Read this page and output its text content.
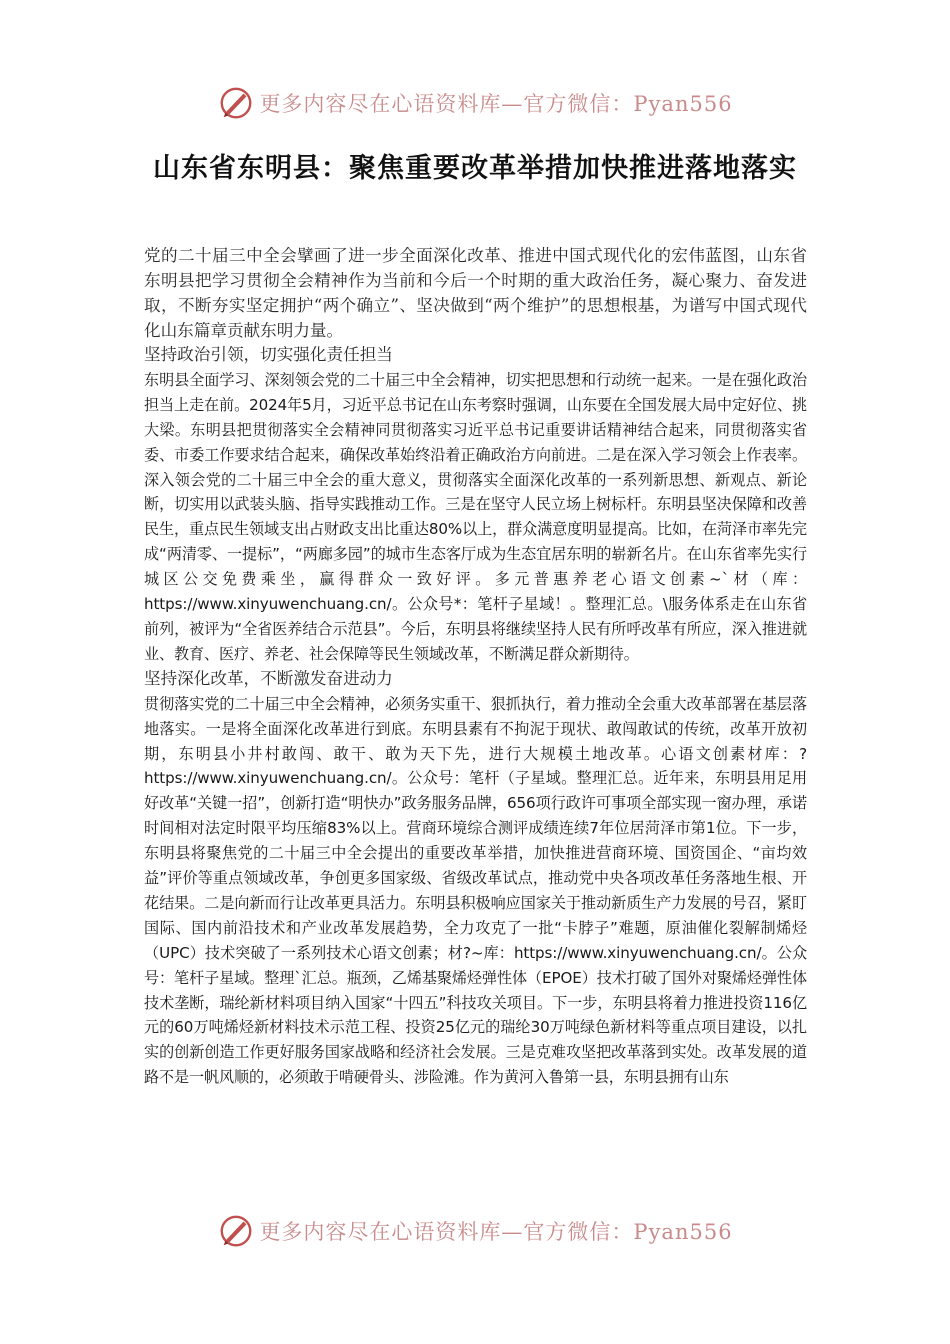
更多内容尽在心语资料库—官方微信：Pyan556
山东省东明县：聚焦重要改革举措加快推进落地落实

党的二十届三中全会擘画了进一步全面深化改革、推进中国式现代化的宏伟蓝图，山东省东明县把学习贯彻全会精神作为当前和今后一个时期的重大政治任务，凝心聚力、奋发进取，不断夯实坚定拥护“两个确立”、坚决做到“两个维护”的思想根基，为谱写中国式现代化山东篇章贡献东明力量。

坚持政治引领，切实强化责任担当

东明县全面学习、深刻领会党的二十届三中全会精神，切实把思想和行动统一起来。一是在强化政治担当上走在前。2024年5月，习近平总书记在山东考察时强调，山东要在全国发展大局中定好位、挑大梁。东明县把贯彻落实全会精神同贯彻落实习近平总书记重要讲话精神结合起来，同贯彻落实省委、市委工作要求结合起来，确保改革始终沿着正确政治方向前进。二是在深入学习领会上作表率。深入领会党的二十届三中全会的重大意义，贯彻落实全面深化改革的一系列新思想、新观点、新论断，切实用以武装头脑、指导实践推动工作。三是在坚守人民立场上树标杆。东明县坚决保障和改善民生，重点民生领域支出占财政支出比重达80%以上，群众满意度明显提高。比如，在菏泽市率先完成“两清零、一提标”，“两廊多园”的城市生态客厅成为生态宜居东明的崭新名片。在山东省率先实行城区公交免费乘坐，赢得群众一致好评。多元普惠养老心语文创素~`材（库：https://www.xinyuwenchuang.cn/。公众号*：笔杆子星域！。整理汇总。\服务体系走在山东省前列，被评为“全省医养结合示范县”。今后，东明县将继续坚持人民有所呼改革有所应，深入推进就业、教育、医疗、养老、社会保障等民生领域改革，不断满足群众新期待。

坚持深化改革，不断激发奋进动力

贯彻落实党的二十届三中全会精神，必须务实重干、狠抓执行，着力推动全会重大改革部署在基层落地落实。一是将全面深化改革进行到底。东明县素有不拘泥于现状、敢闯敢试的传统，改革开放初期，东明县小井村敢闯、敢干、敢为天下先，进行大规模土地改革。心语文创素材库：?https://www.xinyuwenchuang.cn/。公众号：笔杆（子星域。整理汇总。近年来，东明县用足用好改革“关键一招”，创新打造“明快办”政务服务品牌，656项行政许可事项全部实现一窗办理，承诺时间相对法定时限平均压缩83%以上。营商环境综合测评成绩连续7年位居菏泽市第1位。下一步，东明县将聚焦党的二十届三中全会提出的重要改革举措，加快推进营商环境、国资国企、“亩均效益”评价等重点领域改革，争创更多国家级、省级改革试点，推动党中央各项改革任务落地生根、开花结果。二是向新而行让改革更具活力。东明县积极响应国家关于推动新质生产力发展的号召，紧盯国际、国内前沿技术和产业改革发展趋势，全力攻克了一批“卡脖子”难题，原油催化裂解制烯烃（UPC）技术突破了一系列技术心语文创素；材?~库：https://www.xinyuwenchuang.cn/。公众号：笔杆子星域。整理`汇总。瓶颈，乙烯基聚烯烃弹性体（EPOE）技术打破了国外对聚烯烃弹性体技术垄断，瑞纶新材料项目纳入国家“十四五”科技攻关项目。下一步，东明县将着力推进投资116亿元的60万吨烯烃新材料技术示范工程、投资25亿元的瑞纶30万吨绿色新材料等重点项目建设，以扎实的创新创造工作更好服务国家战略和经济社会发展。三是克难攻坚把改革落到实处。改革发展的道路不是一帆风顺的，必须敢于啃硬骨头、涉险滩。作为黄河入鲁第一县，东明县拥有山东

更多内容尽在心语资料库—官方微信：Pyan556
